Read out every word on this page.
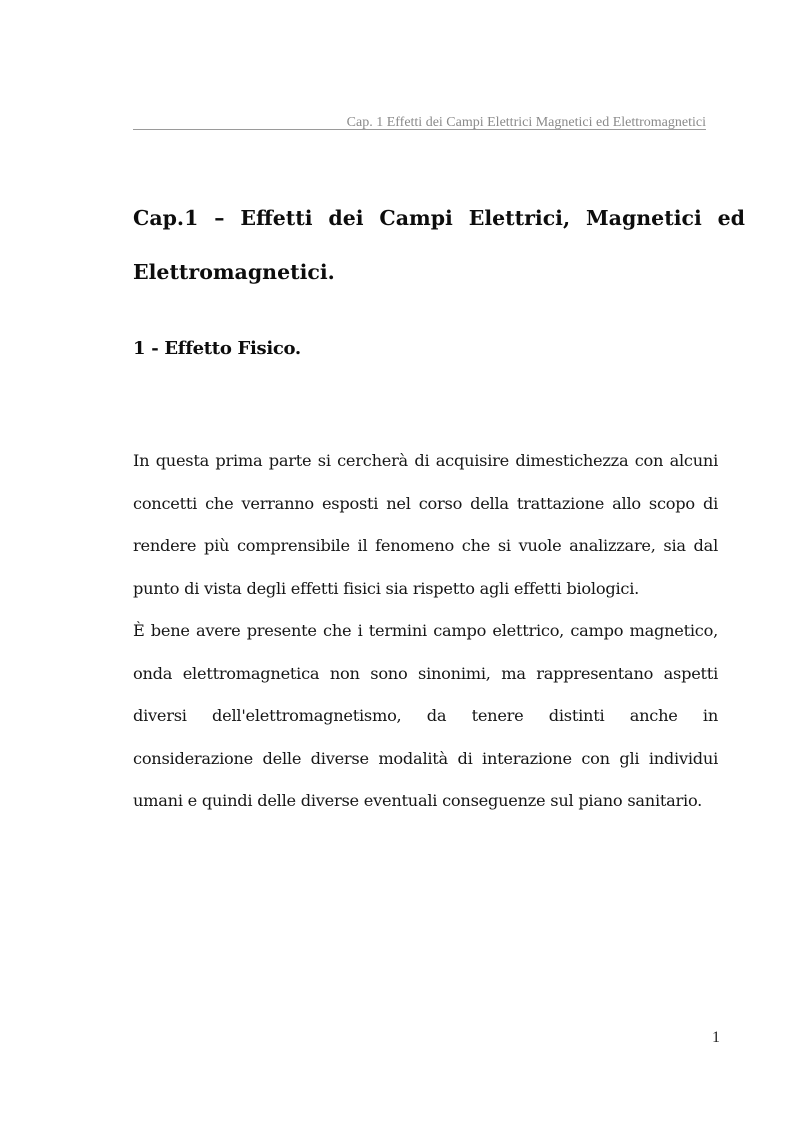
Cap. 1 Effetti dei Campi Elettrici Magnetici ed Elettromagnetici
Cap.1 – Effetti dei Campi Elettrici, Magnetici ed Elettromagnetici.
1 - Effetto Fisico.

In questa prima parte si cercherà di acquisire dimestichezza con alcuni concetti che verranno esposti nel corso della trattazione allo scopo di rendere più comprensibile il fenomeno che si vuole analizzare, sia dal punto di vista degli effetti fisici sia rispetto agli effetti biologici.

È bene avere presente che i termini campo elettrico, campo magnetico, onda elettromagnetica non sono sinonimi, ma rappresentano aspetti diversi dell'elettromagnetismo, da tenere distinti anche in considerazione delle diverse modalità di interazione con gli individui umani e quindi delle diverse eventuali conseguenze sul piano sanitario.

1
